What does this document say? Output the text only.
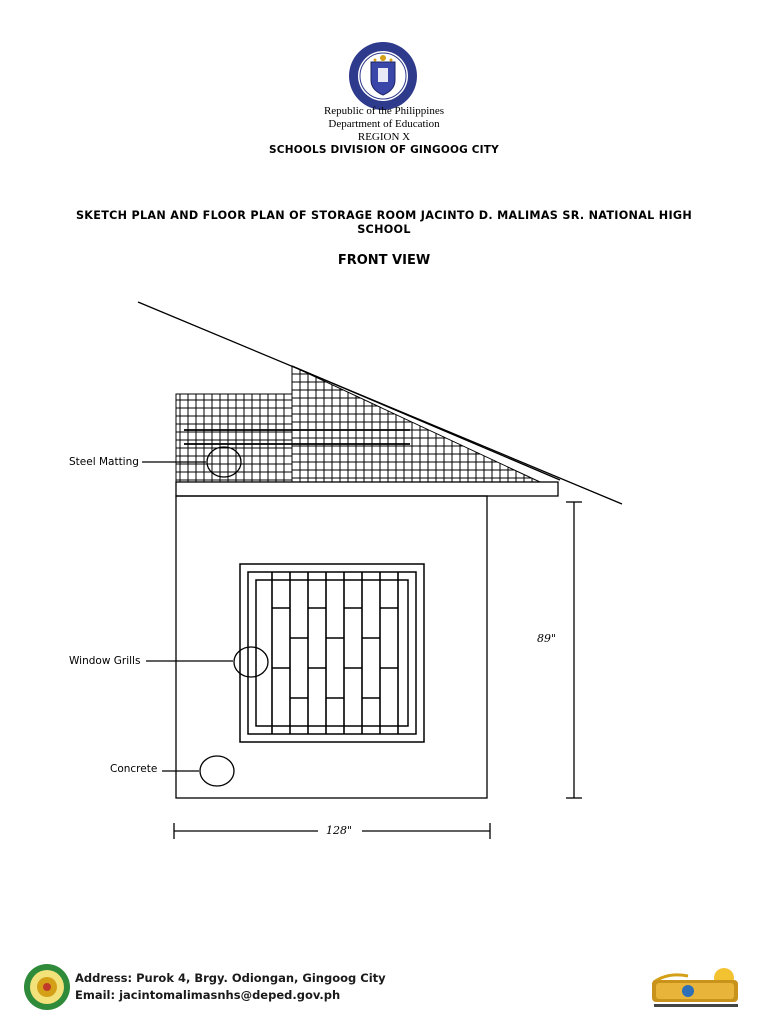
Republic of the Philippines
Department of Education
REGION X
SCHOOLS DIVISION OF GINGOOG CITY
SKETCH PLAN AND FLOOR PLAN OF STORAGE ROOM JACINTO D. MALIMAS SR. NATIONAL HIGH SCHOOL
FRONT VIEW
Steel Matting
Window Grills
Concrete
89"
128"
Address: Purok 4, Brgy. Odiongan, Gingoog City
Email: jacintomalimasnhs@deped.gov.ph
